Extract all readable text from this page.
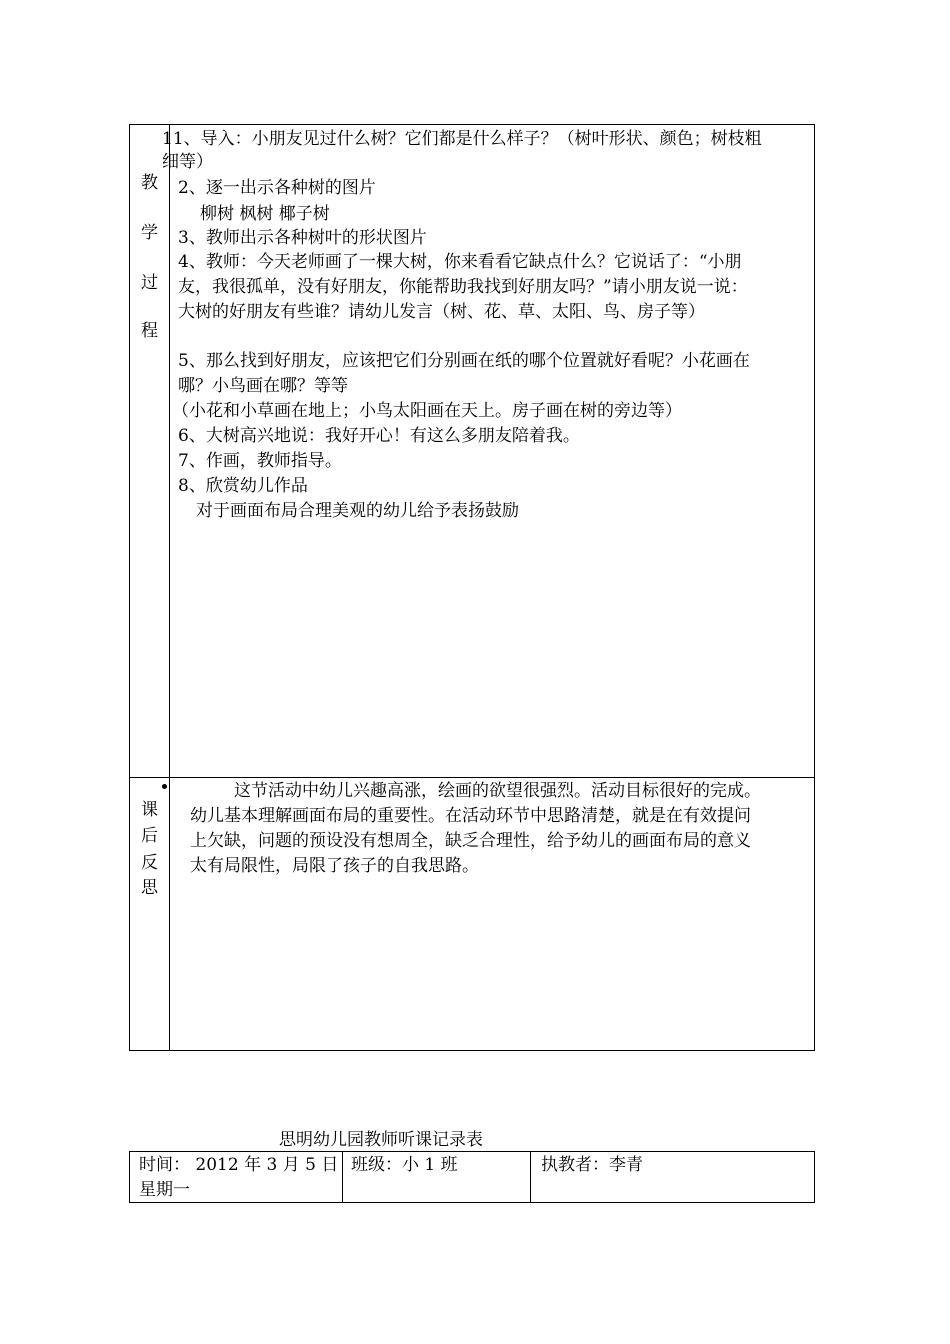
教
学
过
程
11、导入：小朋友见过什么树？它们都是什么样子？（树叶形状、颜色；树枝粗
细等）
2、逐一出示各种树的图片
柳树 枫树 椰子树
3、教师出示各种树叶的形状图片
4、教师：今天老师画了一棵大树，你来看看它缺点什么？它说话了：“小朋
友，我很孤单，没有好朋友，你能帮助我找到好朋友吗？”请小朋友说一说：
大树的好朋友有些谁？请幼儿发言（树、花、草、太阳、鸟、房子等）
5、那么找到好朋友，应该把它们分别画在纸的哪个位置就好看呢？小花画在
哪？小鸟画在哪？等等
（小花和小草画在地上；小鸟太阳画在天上。房子画在树的旁边等）
6、大树高兴地说：我好开心！有这么多朋友陪着我。
7、作画，教师指导。
8、欣赏幼儿作品
对于画面布局合理美观的幼儿给予表扬鼓励
课
后
反
思
这节活动中幼儿兴趣高涨，绘画的欲望很强烈。活动目标很好的完成。
幼儿基本理解画面布局的重要性。在活动环节中思路清楚，就是在有效提问
上欠缺，问题的预设没有想周全，缺乏合理性，给予幼儿的画面布局的意义
太有局限性，局限了孩子的自我思路。
思明幼儿园教师听课记录表
时间： 2012 年 3 月 5 日
星期一
班级：小 1 班	执教者：李青
